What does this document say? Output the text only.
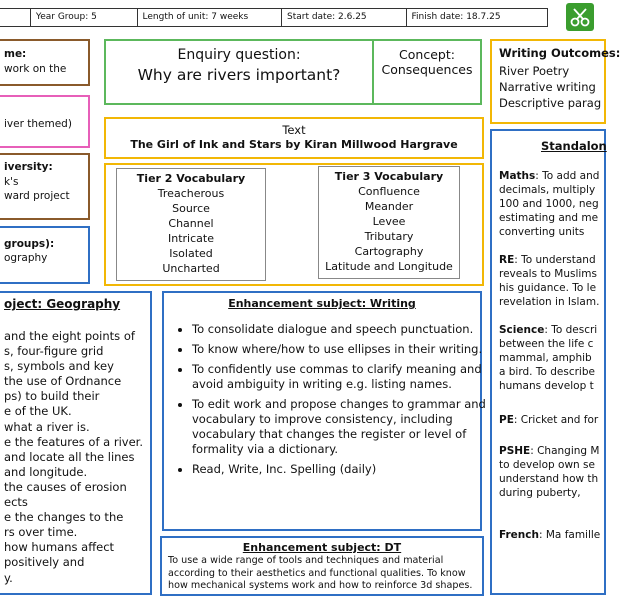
Year Group: 5	Length of unit: 7 weeks	Start date: 2.6.25	Finish date: 18.7.25
me:
work on the
iver themed)
iversity:
k's
ward project
groups):
ography
Enquiry question:
Why are rivers important?
Concept:
Consequences
Writing Outcomes:
River Poetry
Narrative writing
Descriptive parag
Text
The Girl of Ink and Stars by Kiran Millwood Hargrave
Tier 2 Vocabulary
Treacherous
Source
Channel
Intricate
Isolated
Uncharted
Tier 3 Vocabulary
Confluence
Meander
Levee
Tributary
Cartography
Latitude and Longitude
Standalon
Maths: To add and
decimals, multiply
100 and 1000, neg
estimating and me
converting units
RE: To understand
reveals to Muslims
his guidance. To le
revelation in Islam.
Science: To descri
between the life c
mammal, amphib
a bird. To describe
humans develop t
PE: Cricket and for
PSHE: Changing M
to develop own se
understand how th
during puberty,
French: Ma famille
oject: Geography
and the eight points of
s, four-figure grid
s, symbols and key
the use of Ordnance
ps) to build their
e of the UK.
what a river is.
e the features of a river.
and locate all the lines
and longitude.
the causes of erosion
ects
e the changes to the
rs over time.
how humans affect
positively and
y.
Enhancement subject: Writing
• To consolidate dialogue and speech punctuation.
• To know where/how to use ellipses in their writing.
• To confidently use commas to clarify meaning and avoid ambiguity in writing e.g. listing names.
• To edit work and propose changes to grammar and vocabulary to improve consistency, including vocabulary that changes the register or level of formality via a dictionary.
• Read, Write, Inc. Spelling (daily)
Enhancement subject: DT
To use a wide range of tools and techniques and material according to their aesthetics and functional qualities. To know how mechanical systems work and how to reinforce 3d shapes.
